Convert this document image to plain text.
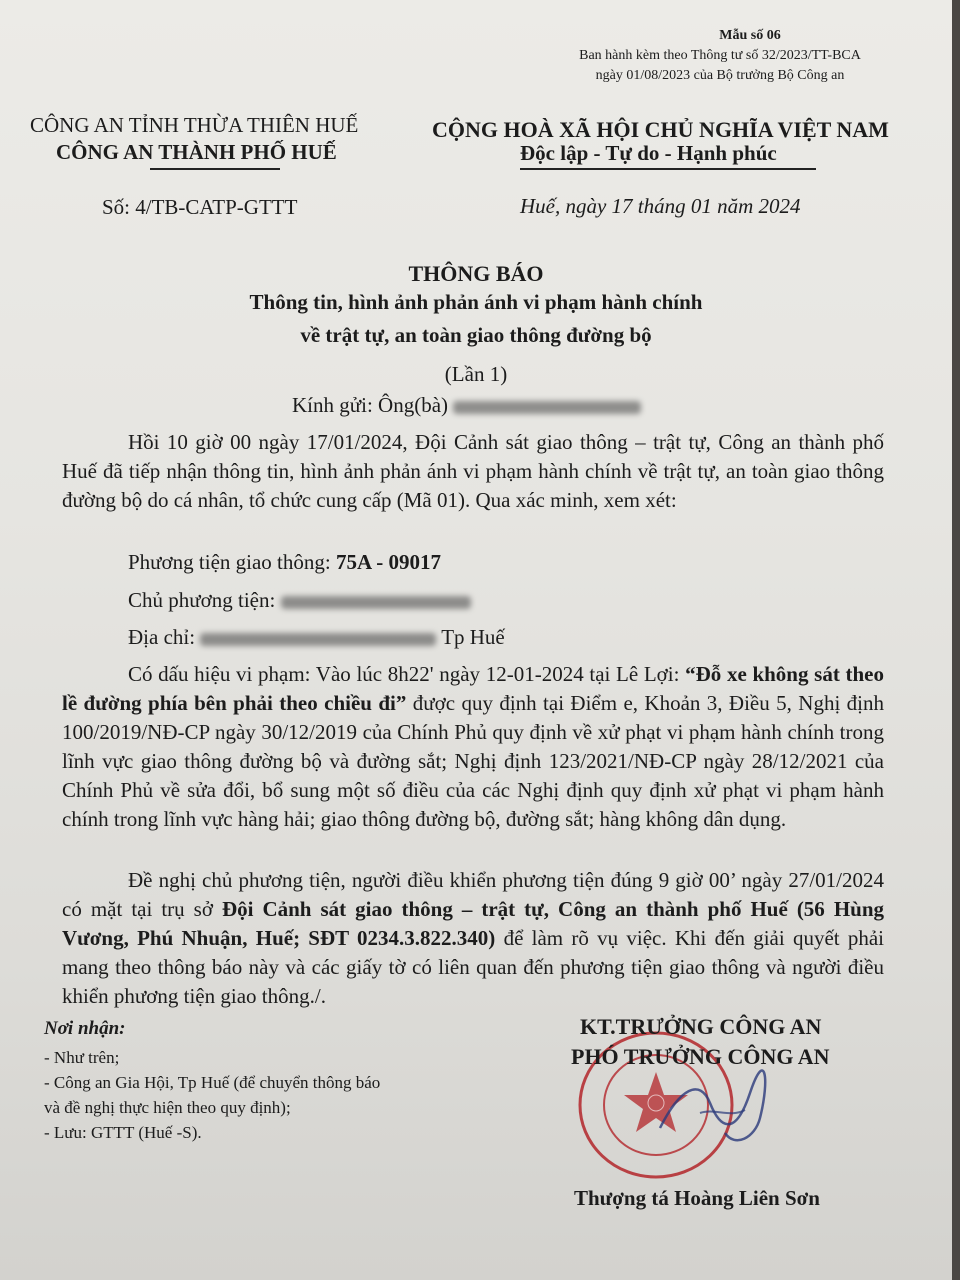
Mẫu số 06
Ban hành kèm theo Thông tư số 32/2023/TT-BCA
ngày 01/08/2023 của Bộ trưởng Bộ Công an
CÔNG AN TỈNH THỪA THIÊN HUẾ
CÔNG AN THÀNH PHỐ HUẾ
Số: 4/TB-CATP-GTTT
CỘNG HOÀ XÃ HỘI CHỦ NGHĨA VIỆT NAM
Độc lập - Tự do - Hạnh phúc
Huế, ngày 17 tháng 01 năm 2024
THÔNG BÁO
Thông tin, hình ảnh phản ánh vi phạm hành chính
về trật tự, an toàn giao thông đường bộ
(Lần 1)
Kính gửi: Ông(bà)
Hồi 10 giờ 00 ngày 17/01/2024, Đội Cảnh sát giao thông – trật tự, Công an thành phố Huế đã tiếp nhận thông tin, hình ảnh phản ánh vi phạm hành chính về trật tự, an toàn giao thông đường bộ do cá nhân, tổ chức cung cấp (Mã 01). Qua xác minh, xem xét:
Phương tiện giao thông: 75A - 09017
Chủ phương tiện:
Địa chỉ:	Tp Huế
Có dấu hiệu vi phạm: Vào lúc 8h22' ngày 12-01-2024 tại Lê Lợi: “Đỗ xe không sát theo lề đường phía bên phải theo chiều đi” được quy định tại Điểm e, Khoản 3, Điều 5, Nghị định 100/2019/NĐ-CP ngày 30/12/2019 của Chính Phủ quy định về xử phạt vi phạm hành chính trong lĩnh vực giao thông đường bộ và đường sắt; Nghị định 123/2021/NĐ-CP ngày 28/12/2021 của Chính Phủ về sửa đổi, bổ sung một số điều của các Nghị định quy định xử phạt vi phạm hành chính trong lĩnh vực hàng hải; giao thông đường bộ, đường sắt; hàng không dân dụng.
Đề nghị chủ phương tiện, người điều khiển phương tiện đúng 9 giờ 00’ ngày 27/01/2024 có mặt tại trụ sở Đội Cảnh sát giao thông – trật tự, Công an thành phố Huế (56 Hùng Vương, Phú Nhuận, Huế; SĐT 0234.3.822.340) để làm rõ vụ việc. Khi đến giải quyết phải mang theo thông báo này và các giấy tờ có liên quan đến phương tiện giao thông và người điều khiển phương tiện giao thông./.
Nơi nhận:
- Như trên;
- Công an Gia Hội, Tp Huế (để chuyển thông báo
và đề nghị thực hiện theo quy định);
- Lưu: GTTT (Huế -S).
KT.TRƯỞNG CÔNG AN
PHÓ TRƯỞNG CÔNG AN
Thượng tá Hoàng Liên Sơn
